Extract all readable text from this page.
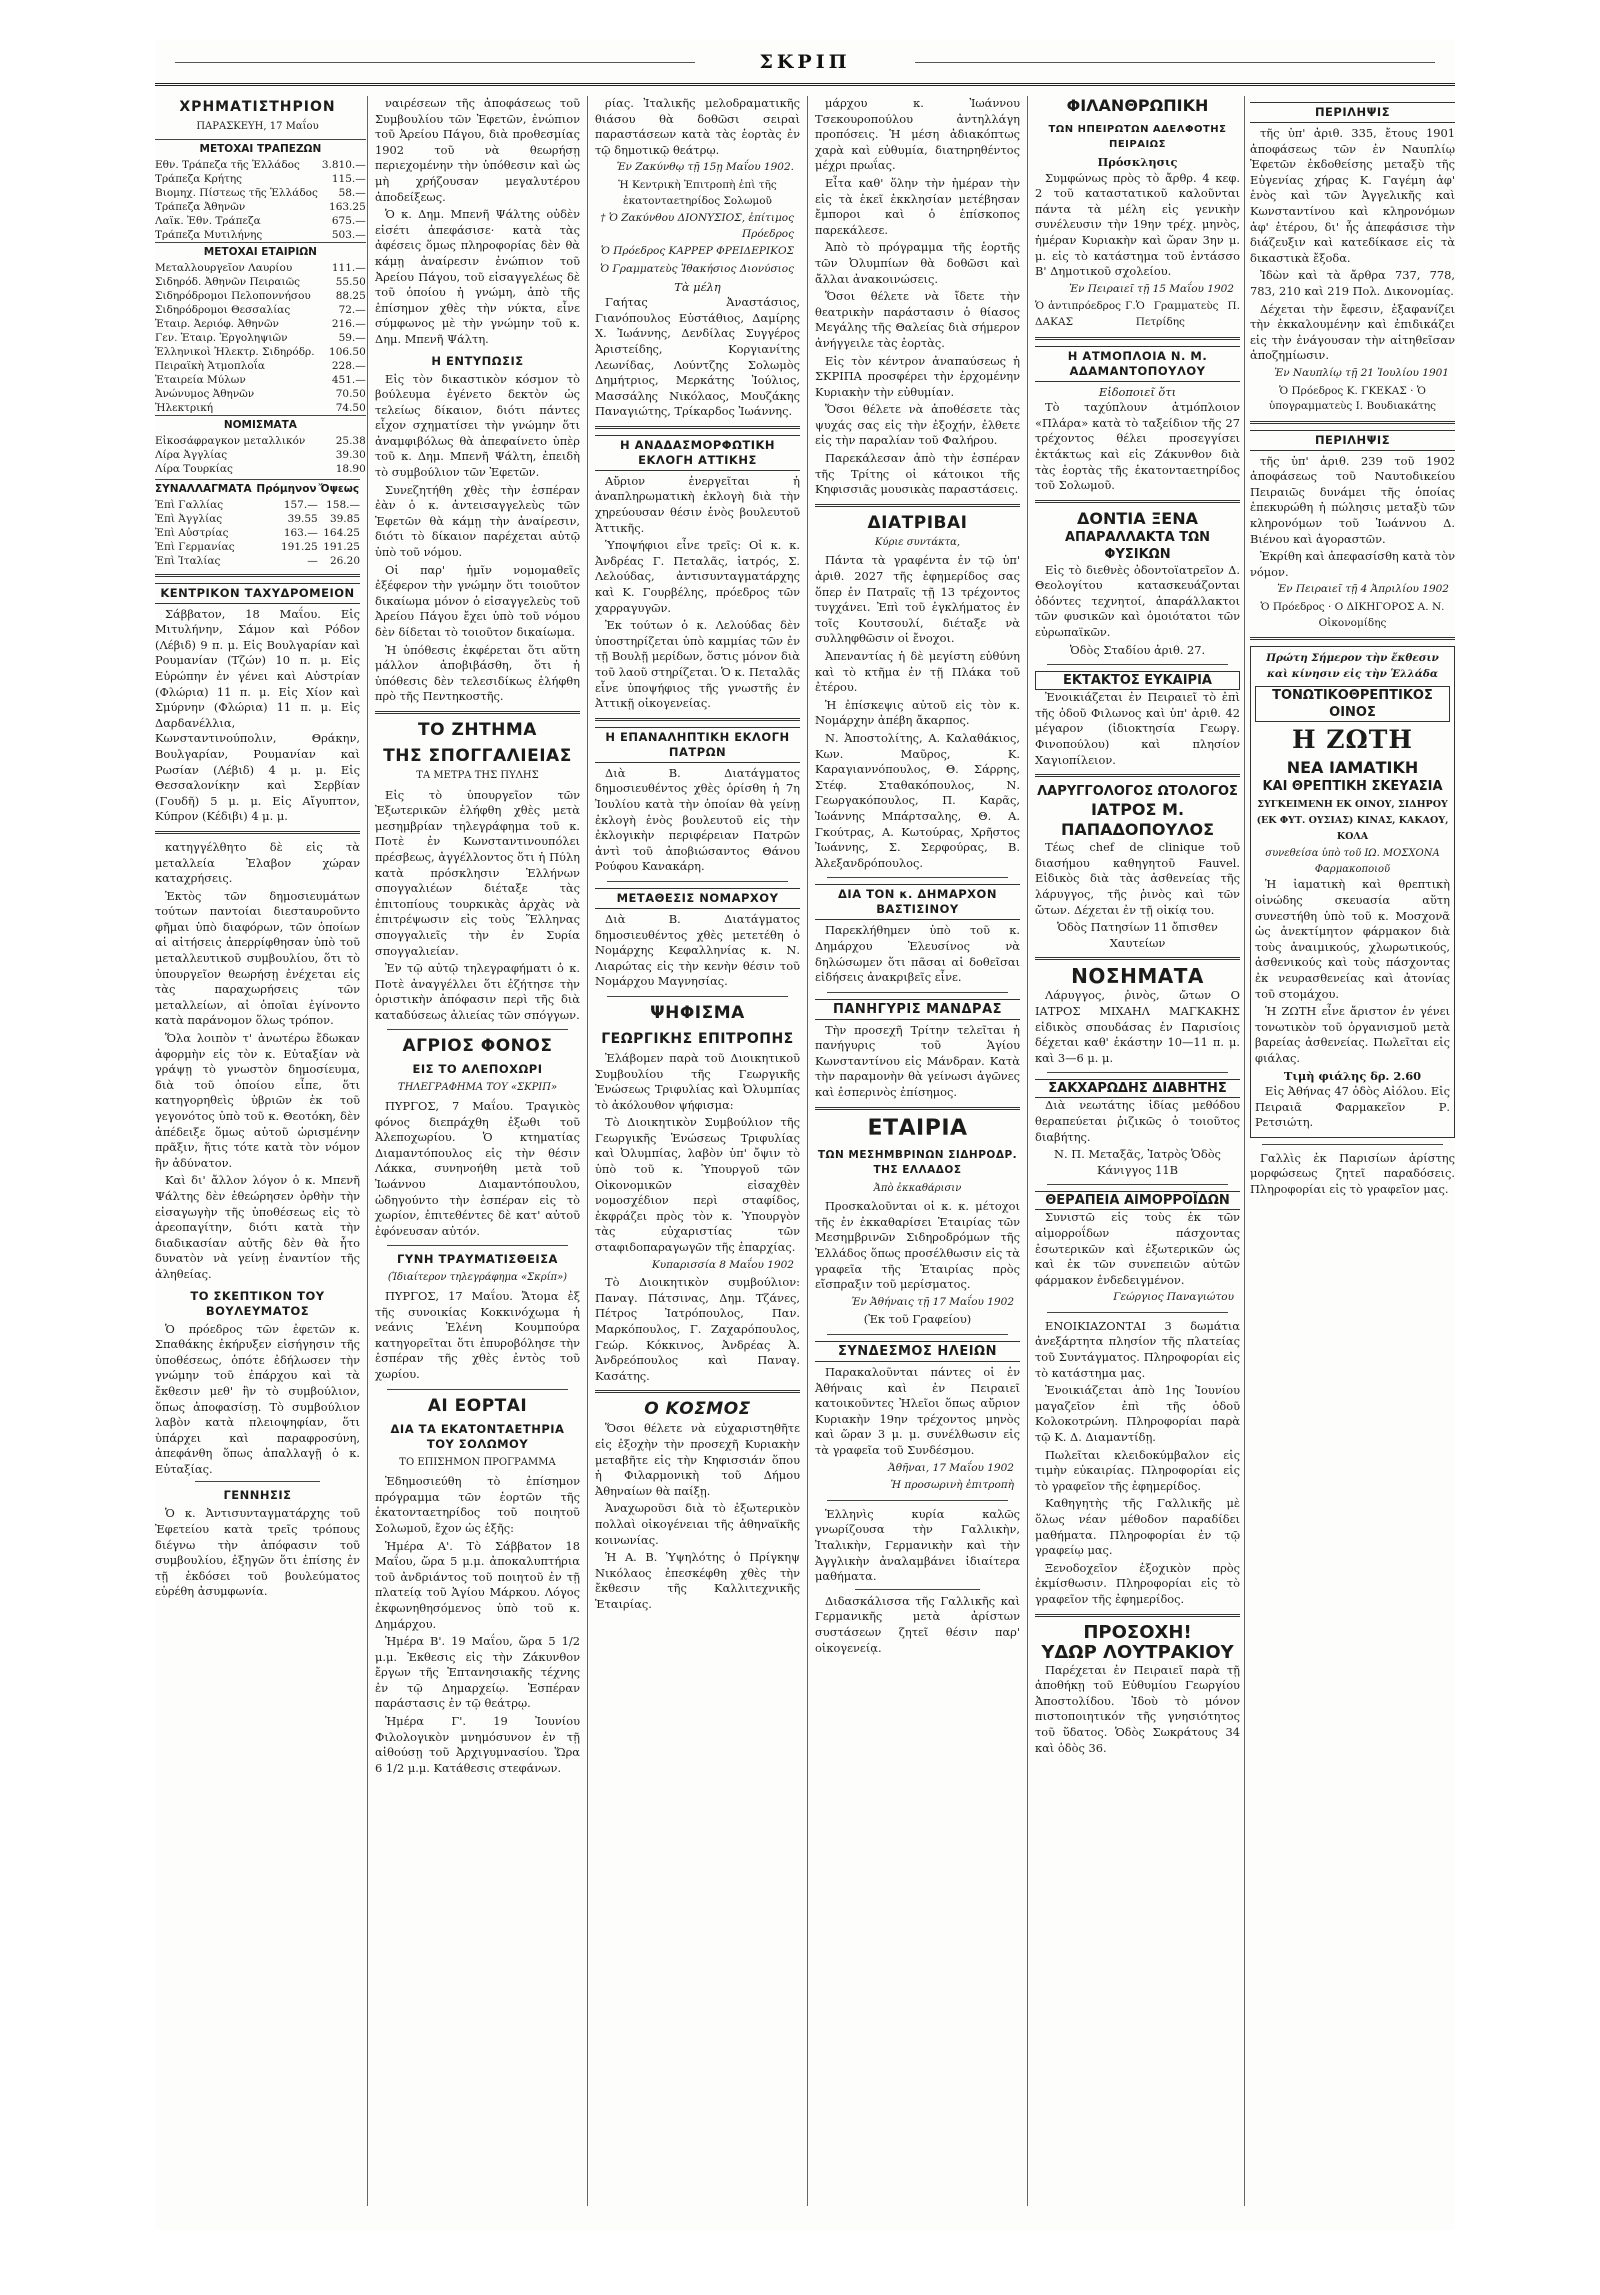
ΣΚΡΙΠ
ΧΡΗΜΑΤΙΣΤΗΡΙΟΝ
ΠΑΡΑΣΚΕΥΗ, 17 Μαΐου
ΜΕΤΟΧΑΙ ΤΡΑΠΕΖΩΝ	
Εθν. Τράπεζα τῆς Ἑλλάδος	3.810.—
Τράπεζα Κρήτης	115.—
Βιομηχ. Πίστεως τῆς Ἑλλάδος	58.—
Τράπεζα Ἀθηνῶν	163.25
Λαϊκ. Ἐθν. Τράπεζα	675.—
Τράπεζα Μυτιλήνης	503.—
ΜΕΤΟΧΑΙ ΕΤΑΙΡΙΩΝ	
Μεταλλουργεῖον Λαυρίου	111.—
Σιδηρόδ. Ἀθηνῶν Πειραιῶς	55.50
Σιδηρόδρομοι Πελοποννήσου	88.25
Σιδηρόδρομοι Θεσσαλίας	72.—
Ἑταιρ. Ἀεριόφ. Ἀθηνῶν	216.—
Γεν. Ἑταιρ. Ἐργοληψιῶν	59.—
Ἑλληνικοὶ Ἠλεκτρ. Σιδηρόδρ.	106.50
Πειραϊκὴ Ἀτμοπλοΐα	228.—
Ἑταιρεία Μύλων	451.—
Ἀνώνυμος Ἀθηνῶν	70.50
Ἠλεκτρική	74.50
ΝΟΜΙΣΜΑΤΑ	
Εἰκοσάφραγκον μεταλλικόν	25.38
Λίρα Ἀγγλίας	39.30
Λίρα Τουρκίας	18.90
ΣΥΝΑΛΛΑΓΜΑΤΑ	Πρόμηνον	Ὄψεως
Ἐπὶ Γαλλίας	157.—	158.—
Ἐπὶ Ἀγγλίας	39.55	39.85
Ἐπὶ Αὐστρίας	163.—	164.25
Ἐπὶ Γερμανίας	191.25	191.25
Ἐπὶ Ἰταλίας	—	26.20
ΚΕΝΤΡΙΚΟΝ ΤΑΧΥΔΡΟΜΕΙΟΝ

Σάββατον, 18 Μαΐου. Εἰς Μιτυλήνην, Σάμον καὶ Ρόδον (Λέβιδ) 9 π. μ. Εἰς Βουλγαρίαν καὶ Ρουμανίαν (Τζών) 10 π. μ. Εἰς Εὐρώπην ἐν γένει καὶ Αὐστρίαν (Φλώρια) 11 π. μ. Εἰς Χίον καὶ Σμύρνην (Φλώρια) 11 π. μ. Εἰς Δαρδανέλλια, Κωνσταντινούπολιν, Θράκην, Βουλγαρίαν, Ρουμανίαν καὶ Ρωσίαν (Λέβιδ) 4 μ. μ. Εἰς Θεσσαλονίκην καὶ Σερβίαν (Γουδῆ) 5 μ. μ. Εἰς Αἴγυπτον, Κύπρον (Κέδιβι) 4 μ. μ.

κατηγγέλθητο δὲ εἰς τὰ μεταλλεία Ἐλαβον χώραν καταχρήσεις.

Ἐκτὸς τῶν δημοσιευμάτων τούτων παντοίαι διεσταυροῦντο φῆμαι ὑπὸ διαφόρων, τῶν ὁποίων αἱ αἰτήσεις ἀπερρίφθησαν ὑπὸ τοῦ μεταλλευτικοῦ συμβουλίου, ὅτι τὸ ὑπουργεῖον θεωρήσῃ ἐνέχεται εἰς τὰς παραχωρήσεις τῶν μεταλλείων, αἱ ὁποῖαι ἐγίνοντο κατὰ παράνομον ὅλως τρόπον.

Ὅλα λοιπὸν τ' ἀνωτέρω ἔδωκαν ἀφορμὴν εἰς τὸν κ. Εὐταξίαν νὰ γράψῃ τὸ γνωστὸν δημοσίευμα, διὰ τοῦ ὁποίου εἶπε, ὅτι κατηγορηθεὶς ὑβριῶν ἐκ τοῦ γεγονότος ὑπὸ τοῦ κ. Θεοτόκη, δὲν ἀπέδειξε ὅμως αὐτοῦ ὡρισμένην πρᾶξιν, ἥτις τότε κατὰ τὸν νόμον ἢν ἀδύνατον.

Καὶ δι' ἄλλον λόγον ὁ κ. Μπενῆ Ψάλτης δὲν ἐθεώρησεν ὀρθὴν τὴν εἰσαγωγὴν τῆς ὑποθέσεως εἰς τὸ ἀρεοπαγίτην, διότι κατὰ τὴν διαδικασίαν αὐτῆς δὲν θὰ ἦτο δυνατὸν νὰ γείνῃ ἐναντίον τῆς ἀληθείας.

ΤΟ ΣΚΕΠΤΙΚΟΝ ΤΟΥ ΒΟΥΛΕΥΜΑΤΟΣ

Ὁ πρόεδρος τῶν ἐφετῶν κ. Σπαθάκης ἐκήρυξεν εἰσήγησιν τῆς ὑποθέσεως, ὁπότε ἐδήλωσεν τὴν γνώμην τοῦ ἐπάρχου καὶ τὰ ἔκθεσιν μεθ' ἣν τὸ συμβούλιον, ὅπως ἀποφασίσῃ. Τὸ συμβούλιον λαβὸν κατὰ πλειοψηφίαν, ὅτι ὑπάρχει καὶ παραφροσύνη, ἀπεφάνθη ὅπως ἀπαλλαγῇ ὁ κ. Εὐταξίας.

ΓΕΝΝΗΣΙΣ

Ὁ κ. Ἀντισυνταγματάρχης τοῦ Ἐφετείου κατὰ τρεῖς τρόπους διέγνω τὴν ἀπόφασιν τοῦ συμβουλίου, ἐξηγῶν ὅτι ἐπίσης ἐν τῇ ἐκδόσει τοῦ βουλεύματος εὑρέθη ἀσυμφωνία.

ναιρέσεων τῆς ἀποφάσεως τοῦ Συμβουλίου τῶν Ἐφετῶν, ἐνώπιον τοῦ Ἀρείου Πάγου, διὰ προθεσμίας 1902 τοῦ νὰ θεωρήσῃ περιεχομένην τὴν ὑπόθεσιν καὶ ὡς μὴ χρήζουσαν μεγαλυτέρου ἀποδείξεως.

Ὁ κ. Δημ. Μπενῆ Ψάλτης οὐδὲν εἰσέτι ἀπεφάσισε· κατὰ τὰς ἀφέσεις ὅμως πληροφορίας δὲν θὰ κάμῃ ἀναίρεσιν ἐνώπιον τοῦ Ἀρείου Πάγου, τοῦ εἰσαγγελέως δὲ τοῦ ὁποίου ἡ γνώμη, ἀπὸ τῆς ἐπίσημον χθὲς τὴν νύκτα, εἶνε σύμφωνος μὲ τὴν γνώμην τοῦ κ. Δημ. Μπενῆ Ψάλτη.

Η ΕΝΤΥΠΩΣΙΣ

Εἰς τὸν δικαστικὸν κόσμον τὸ βούλευμα ἐγένετο δεκτὸν ὡς τελείως δίκαιον, διότι πάντες εἶχον σχηματίσει τὴν γνώμην ὅτι ἀναμφιβόλως θὰ ἀπεφαίνετο ὑπὲρ τοῦ κ. Δημ. Μπενῆ Ψάλτη, ἐπειδὴ τὸ συμβούλιον τῶν Ἐφετῶν.

Συνεζητήθη χθὲς τὴν ἑσπέραν ἐὰν ὁ κ. ἀντεισαγγελεὺς τῶν Ἐφετῶν θὰ κάμῃ τὴν ἀναίρεσιν, διότι τὸ δίκαιον παρέχεται αὐτῷ ὑπὸ τοῦ νόμου.

Οἱ παρ' ἡμῖν νομομαθεῖς ἐξέφερον τὴν γνώμην ὅτι τοιοῦτον δικαίωμα μόνον ὁ εἰσαγγελεὺς τοῦ Ἀρείου Πάγου ἔχει ὑπὸ τοῦ νόμου δὲν δίδεται τὸ τοιοῦτον δικαίωμα.

Ἡ ὑπόθεσις ἐκφέρεται ὅτι αὕτη μάλλον ἀποβιβάσθη, ὅτι ἡ ὑπόθεσις δὲν τελεσιδίκως ἐλήφθη πρὸ τῆς Πεντηκοστῆς.

ΤΟ ΖΗΤΗΜΑ
ΤΗΣ ΣΠΟΓΓΑΛΙΕΙΑΣ
ΤΑ ΜΕΤΡΑ ΤΗΣ ΠΥΛΗΣ

Εἰς τὸ ὑπουργεῖον τῶν Ἐξωτερικῶν ἐλήφθη χθὲς μετὰ μεσημβρίαν τηλεγράφημα τοῦ κ. Ποτὲ ἐν Κωνσταντινουπόλει πρέσβεως, ἀγγέλλοντος ὅτι ἡ Πύλη κατὰ πρόσκλησιν Ἑλλήνων σπογγαλιέων διέταξε τὰς ἐπιτοπίους τουρκικὰς ἀρχὰς νὰ ἐπιτρέψωσιν εἰς τοὺς Ἕλληνας σπογγαλιεῖς τὴν ἐν Συρία σπογγαλιείαν.

Ἐν τῷ αὐτῷ τηλεγραφήματι ὁ κ. Ποτὲ ἀναγγέλλει ὅτι ἐζήτησε τὴν ὁριστικὴν ἀπόφασιν περὶ τῆς διὰ καταδύσεως ἀλιείας τῶν σπόγγων.

ΑΓΡΙΟΣ ΦΟΝΟΣ
ΕΙΣ ΤΟ ΑΛΕΠΟΧΩΡΙ
ΤΗΛΕΓΡΑΦΗΜΑ ΤΟΥ «ΣΚΡΙΠ»

ΠΥΡΓΟΣ, 7 Μαΐου. Τραγικὸς φόνος διεπράχθη ἐξωθι τοῦ Ἀλεποχωρίου. Ὁ κτηματίας Διαμαντόπουλος εἰς τὴν θέσιν Λάκκα, συνηνοήθη μετὰ τοῦ Ἰωάννου Διαμαντόπουλου, ὠδηγούντο τὴν ἑσπέραν εἰς τὸ χωρίον, ἐπιτεθέντες δὲ κατ' αὐτοῦ ἐφόνευσαν αὐτόν.

ΓΥΝΗ ΤΡΑΥΜΑΤΙΣΘΕΙΣΑ
(Ἰδιαίτερον τηλεγράφημα «Σκρίπ»)

ΠΥΡΓΟΣ, 17 Μαΐου. Ἄτομα ἐξ τῆς συνοικίας Κοκκινόχωμα ἡ νεάνις Ἑλένη Κουμπούρα κατηγορεῖται ὅτι ἐπυροβόλησε τὴν ἑσπέραν τῆς χθὲς ἐντὸς τοῦ χωρίου.

ΑΙ ΕΟΡΤΑΙ
ΔΙΑ ΤΑ ΕΚΑΤΟΝΤΑΕΤΗΡΙΑ ΤΟΥ ΣΟΛΩΜΟΥ
ΤΟ ΕΠΙΣΗΜΟΝ ΠΡΟΓΡΑΜΜΑ

Ἐδημοσιεύθη τὸ ἐπίσημον πρόγραμμα τῶν ἑορτῶν τῆς ἑκατονταετηρίδος τοῦ ποιητοῦ Σολωμοῦ, ἔχον ὡς ἑξῆς:

Ἡμέρα Α'. Τὸ Σάββατον 18 Μαΐου, ὥρα 5 μ.μ. ἀποκαλυπτήρια τοῦ ἀνδριάντος τοῦ ποιητοῦ ἐν τῇ πλατείᾳ τοῦ Ἁγίου Μάρκου. Λόγος ἐκφωνηθησόμενος ὑπὸ τοῦ κ. Δημάρχου.

Ἡμέρα Β'. 19 Μαΐου, ὥρα 5 1/2 μ.μ. Ἐκθεσις εἰς τὴν Ζάκυνθον ἔργων τῆς Ἑπτανησιακῆς τέχνης ἐν τῷ Δημαρχείῳ. Ἑσπέραν παράστασις ἐν τῷ θεάτρῳ.

Ἡμέρα Γ'. 19 Ἰουνίου Φιλολογικὸν μνημόσυνον ἐν τῇ αἰθούσῃ τοῦ Ἀρχιγυμνασίου. Ὥρα 6 1/2 μ.μ. Κατάθεσις στεφάνων.

ρίας. Ἰταλικῆς μελοδραματικῆς θιάσου θὰ δοθῶσι σειραὶ παραστάσεων κατὰ τὰς ἑορτὰς ἐν τῷ δημοτικῷ θεάτρῳ.

Ἐν Ζακύνθῳ τῇ 15ῃ Μαΐου 1902.
Ἡ Κεντρικὴ Ἐπιτροπὴ ἐπὶ τῆς ἑκατονταετηρίδος Σολωμοῦ
† Ὁ Ζακύνθου ΔΙΟΝΥΣΙΟΣ, ἐπίτιμος Πρόεδρος
Ὁ Πρόεδρος ΚΑΡΡΕΡ ΦΡΕΙΔΕΡΙΚΟΣ
Ὁ Γραμματεὺς Ἰθακήσιος Διονύσιος
Τὰ μέλη

Γαήτας Ἀναστάσιος, Γιανόπουλος Εὐστάθιος, Δαμίρης Χ. Ἰωάννης, Δενδίλας Συγγέρος Ἀριστείδης, Κοργιανίτης Λεωνίδας, Λούντζης Σολωμὸς Δημήτριος, Μερκάτης Ἰούλιος, Μασσάλης Νικόλαος, Μουζάκης Παναγιώτης, Τρίκαρδος Ἰωάννης.

Η ΑΝΑΔΑΣΜΟΡΦΩΤΙΚΗ ΕΚΛΟΓΗ ΑΤΤΙΚΗΣ

Αὔριον ἐνεργεῖται ἡ ἀναπληρωματικὴ ἐκλογὴ διὰ τὴν χηρεύουσαν θέσιν ἑνὸς βουλευτοῦ Ἀττικῆς.

Ὑποψήφιοι εἶνε τρεῖς: Οἱ κ. κ. Ἀνδρέας Γ. Πεταλᾶς, ἰατρός, Σ. Λελούδας, ἀντισυνταγματάρχης καὶ Κ. Γουρβέλης, πρόεδρος τῶν χαρραγυγῶν.

Ἐκ τούτων ὁ κ. Λελούδας δὲν ὑποστηρίζεται ὑπὸ καμμίας τῶν ἐν τῇ Βουλῇ μερίδων, ὅστις μόνον διὰ τοῦ λαοῦ στηρίζεται. Ὁ κ. Πεταλᾶς εἶνε ὑποψήφιος τῆς γνωστῆς ἐν Ἀττικῇ οἰκογενείας.

Η ΕΠΑΝΑΛΗΠΤΙΚΗ ΕΚΛΟΓΗ ΠΑΤΡΩΝ

Διὰ Β. Διατάγματος δημοσιευθέντος χθὲς ὁρίσθη ἡ 7η Ἰουλίου κατὰ τὴν ὁποίαν θὰ γείνῃ ἐκλογὴ ἑνὸς βουλευτοῦ εἰς τὴν ἐκλογικὴν περιφέρειαν Πατρῶν ἀντὶ τοῦ ἀποβιώσαντος Θάνου Ρούφου Κανακάρη.

ΜΕΤΑΘΕΣΙΣ ΝΟΜΑΡΧΟΥ

Διὰ Β. Διατάγματος δημοσιευθέντος χθὲς μετετέθη ὁ Νομάρχης Κεφαλληνίας κ. Ν. Λιαρώτας εἰς τὴν κενὴν θέσιν τοῦ Νομάρχου Μαγνησίας.

ΨΗΦΙΣΜΑ
ΓΕΩΡΓΙΚΗΣ ΕΠΙΤΡΟΠΗΣ

Ἐλάβομεν παρὰ τοῦ Διοικητικοῦ Συμβουλίου τῆς Γεωργικῆς Ἑνώσεως Τριφυλίας καὶ Ὀλυμπίας τὸ ἀκόλουθον ψήφισμα:

Τὸ Διοικητικὸν Συμβούλιον τῆς Γεωργικῆς Ἑνώσεως Τριφυλίας καὶ Ὀλυμπίας, λαβὸν ὑπ' ὄψιν τὸ ὑπὸ τοῦ κ. Ὑπουργοῦ τῶν Οἰκονομικῶν εἰσαχθὲν νομοσχέδιον περὶ σταφίδος, ἐκφράζει πρὸς τὸν κ. Ὑπουργὸν τὰς εὐχαριστίας τῶν σταφιδοπαραγωγῶν τῆς ἐπαρχίας.

Κυπαρισσία 8 Μαΐου 1902

Τὸ Διοικητικὸν συμβούλιον: Παναγ. Πάτσινας, Δημ. Τζάνες, Πέτρος Ἰατρόπουλος, Παν. Μαρκόπουλος, Γ. Ζαχαρόπουλος, Γεώρ. Κόκκινος, Ἀνδρέας Ἀ. Ἀνδρεόπουλος καὶ Παναγ. Κασάτης.

Ο ΚΟΣΜΟΣ

Ὅσοι θέλετε νὰ εὐχαριστηθῆτε εἰς ἐξοχὴν τὴν προσεχῆ Κυριακὴν μεταβῆτε εἰς τὴν Κηφισσιάν ὅπου ἡ Φιλαρμονικὴ τοῦ Δήμου Ἀθηναίων θὰ παίξῃ.

Ἀναχωροῦσι διὰ τὸ ἐξωτερικὸν πολλαὶ οἰκογένειαι τῆς ἀθηναϊκῆς κοινωνίας.

Ἡ Α. Β. Ὑψηλότης ὁ Πρίγκηψ Νικόλαος ἐπεσκέφθη χθὲς τὴν ἔκθεσιν τῆς Καλλιτεχνικῆς Ἑταιρίας.

μάρχου κ. Ἰωάννου Τσεκουροπούλου ἀντηλλάγη προπόσεις. Ἡ μέση ἀδιακόπτως χαρὰ καὶ εὐθυμία, διατηρηθέντος μέχρι πρωΐας.

Εἶτα καθ' ὅλην τὴν ἡμέραν τὴν εἰς τὰ ἐκεῖ ἐκκλησίαν μετέβησαν ἔμποροι καὶ ὁ ἐπίσκοπος παρεκάλεσε.

Ἀπὸ τὸ πρόγραμμα τῆς ἑορτῆς τῶν Ὀλυμπίων θὰ δοθῶσι καὶ ἄλλαι ἀνακοινώσεις.

Ὅσοι θέλετε νὰ ἴδετε τὴν θεατρικὴν παράστασιν ὁ θίασος Μεγάλης τῆς Θαλείας διὰ σήμερον ἀνήγγειλε τὰς ἑορτὰς.

Εἰς τὸν κέντρον ἀναπαύσεως ἡ ΣΚΡΙΠΑ προσφέρει τὴν ἐρχομένην Κυριακὴν τὴν εὐθυμίαν.

Ὅσοι θέλετε νὰ ἀποθέσετε τὰς ψυχάς σας εἰς τὴν ἐξοχήν, ἐλθετε εἰς τὴν παραλίαν τοῦ Φαλήρου.

Παρεκάλεσαν ἀπὸ τὴν ἑσπέραν τῆς Τρίτης οἱ κάτοικοι τῆς Κηφισσιᾶς μουσικὰς παραστάσεις.

ΔΙΑΤΡΙΒΑΙ
Κύριε συντάκτα,

Πάντα τὰ γραφέντα ἐν τῷ ὑπ' ἀριθ. 2027 τῆς ἐφημερίδος σας ὅπερ ἐν Πατραῖς τῇ 13 τρέχοντος τυγχάνει. Ἐπὶ τοῦ ἐγκλήματος ἐν τοῖς Κουτσουλί, διέταξε νὰ συλληφθῶσιν οἱ ἔνοχοι.

Ἀπεναντίας ἡ δὲ μεγίστη εὐθύνη καὶ τὸ κτῆμα ἐν τῇ Πλάκα τοῦ ἐτέρου.

Ἡ ἐπίσκεψις αὐτοῦ εἰς τὸν κ. Νομάρχην ἀπέβη ἄκαρπος.

Ν. Ἀποστολίτης, Α. Καλαθάκιος, Κων. Μαῦρος, Κ. Καραγιαννόπουλος, Θ. Σάρρης, Στέφ. Σταθακόπουλος, Ν. Γεωργακόπουλος, Π. Καρᾶς, Ἰωάννης Μπάρτσαλης, Θ. Α. Γκούτρας, Α. Κωτούρας, Χρῆστος Ἰωάννης, Σ. Σερφούρας, Β. Ἀλεξανδρόπουλος.

ΔΙΑ ΤΟΝ κ. ΔΗΜΑΡΧΟΝ ΒΑΣΤΙΣΙΝΟΥ

Παρεκλήθημεν ὑπὸ τοῦ κ. Δημάρχου Ἐλευσίνος νὰ δηλώσωμεν ὅτι πᾶσαι αἱ δοθεῖσαι εἰδήσεις ἀνακριβεῖς εἶνε.

ΠΑΝΗΓΥΡΙΣ ΜΑΝΔΡΑΣ

Τὴν προσεχῆ Τρίτην τελεῖται ἡ πανήγυρις τοῦ Ἁγίου Κωνσταντίνου εἰς Μάνδραν. Κατὰ τὴν παραμονὴν θὰ γείνωσι ἀγῶνες καὶ ἐσπερινὸς ἐπίσημος.

ΕΤΑΙΡΙΑ
ΤΩΝ ΜΕΣΗΜΒΡΙΝΩΝ ΣΙΔΗΡΟΔΡ. ΤΗΣ ΕΛΛΑΔΟΣ
Ἀπὸ ἐκκαθάρισιν

Προσκαλοῦνται οἱ κ. κ. μέτοχοι τῆς ἐν ἐκκαθαρίσει Ἑταιρίας τῶν Μεσημβρινῶν Σιδηροδρόμων τῆς Ἑλλάδος ὅπως προσέλθωσιν εἰς τὰ γραφεῖα τῆς Ἑταιρίας πρὸς εἴσπραξιν τοῦ μερίσματος.

Ἐν Ἀθήναις τῇ 17 Μαΐου 1902
(Ἐκ τοῦ Γραφείου)
ΣΥΝΔΕΣΜΟΣ ΗΛΕΙΩΝ

Παρακαλοῦνται πάντες οἱ ἐν Ἀθήναις καὶ ἐν Πειραιεῖ κατοικοῦντες Ἠλεῖοι ὅπως αὔριον Κυριακὴν 19ην τρέχοντος μηνὸς καὶ ὥραν 3 μ. μ. συνέλθωσιν εἰς τὰ γραφεῖα τοῦ Συνδέσμου.

Ἀθῆναι, 17 Μαΐου 1902
Ἡ προσωρινὴ ἐπιτροπὴ

Ἑλληνὶς κυρία καλῶς γνωρίζουσα τὴν Γαλλικὴν, Ἰταλικὴν, Γερμανικὴν καὶ τὴν Ἀγγλικὴν ἀναλαμβάνει ἰδιαίτερα μαθήματα.

Διδασκάλισσα τῆς Γαλλικῆς καὶ Γερμανικῆς μετὰ ἀρίστων συστάσεων ζητεῖ θέσιν παρ' οἰκογενείᾳ.

ΦΙΛΑΝΘΡΩΠΙΚΗ
ΤΩΝ ΗΠΕΙΡΩΤΩΝ ΑΔΕΛΦΟΤΗΣ ΠΕΙΡΑΙΩΣ
Πρόσκλησις

Συμφώνως πρὸς τὸ ἄρθρ. 4 κεφ. 2 τοῦ καταστατικοῦ καλοῦνται πάντα τὰ μέλη εἰς γενικὴν συνέλευσιν τὴν 19ην τρέχ. μηνὸς, ἡμέραν Κυριακὴν καὶ ὥραν 3ην μ. μ. εἰς τὸ κατάστημα τοῦ ἐντάσσο Β' Δημοτικοῦ σχολείου.

Ἐν Πειραιεῖ τῇ 15 Μαΐου 1902
Ὁ ἀντιπρόεδρος Γ. ΔΑΚΑΣ
Ὁ Γραμματεὺς Π. Πετρίδης
Η ΑΤΜΟΠΛΟΙΑ Ν. Μ. ΑΔΑΜΑΝΤΟΠΟΥΛΟΥ
Εἰδοποιεῖ ὅτι

Τὸ ταχύπλουν ἀτμόπλοιον «Πλάρα» κατὰ τὸ ταξείδιον τῆς 27 τρέχοντος θέλει προσεγγίσει ἐκτάκτως καὶ εἰς Ζάκυνθον διὰ τὰς ἑορτὰς τῆς ἑκατονταετηρίδος τοῦ Σολωμοῦ.

ΔΟΝΤΙΑ ΞΕΝΑ
ΑΠΑΡΑΛΛΑΚΤΑ ΤΩΝ ΦΥΣΙΚΩΝ

Εἰς τὸ διεθνὲς ὀδοντοϊατρεῖον Δ. Θεολογίτου κατασκευάζονται ὀδόντες τεχνητοί, ἀπαράλλακτοι τῶν φυσικῶν καὶ ὁμοιότατοι τῶν εὐρωπαϊκῶν.

Ὁδὸς Σταδίου ἀριθ. 27.
ΕΚΤΑΚΤΟΣ ΕΥΚΑΙΡΙΑ

Ἐνοικιάζεται ἐν Πειραιεῖ τὸ ἐπὶ τῆς ὁδοῦ Φιλωνος καὶ ὑπ' ἀριθ. 42 μέγαρον (ἰδιοκτησία Γεωργ. Φινοπούλου) καὶ πλησίον Χαγιοπίλειον.

ΛΑΡΥΓΓΟΛΟΓΟΣ ΩΤΟΛΟΓΟΣ
ΙΑΤΡΟΣ Μ. ΠΑΠΑΔΟΠΟΥΛΟΣ

Τέως chef de clinique τοῦ διασήμου καθηγητοῦ Fauvel. Εἰδικὸς διὰ τὰς ἀσθενείας τῆς λάρυγγος, τῆς ῥινὸς καὶ τῶν ὤτων. Δέχεται ἐν τῇ οἰκίᾳ του.

Ὁδὸς Πατησίων 11 ὄπισθεν Χαυτείων
ΝΟΣΗΜΑΤΑ

Λάρυγγος, ῥινὸς, ὤτων Ο ΙΑΤΡΟΣ ΜΙΧΑΗΛ ΜΑΓΚΑΚΗΣ εἰδικὸς σπουδάσας ἐν Παρισίοις δέχεται καθ' ἑκάστην 10—11 π. μ. καὶ 3—6 μ. μ.

ΣΑΚΧΑΡΩΔΗΣ ΔΙΑΒΗΤΗΣ

Διὰ νεωτάτης ἰδίας μεθόδου θεραπεύεται ῥιζικῶς ὁ τοιοῦτος διαβήτης.

Ν. Π. Μεταξᾶς, Ἰατρὸς Ὁδὸς Κάνιγγος 11Β
ΘΕΡΑΠΕΙΑ ΑΙΜΟΡΡΟΪΔΩΝ

Συνιστῶ εἰς τοὺς ἐκ τῶν αἱμορροΐδων πάσχοντας ἐσωτερικῶν καὶ ἐξωτερικῶν ὡς καὶ ἐκ τῶν συνεπειῶν αὐτῶν φάρμακον ἐνδεδειγμένον.

Γεώργιος Παναγιώτου

ΕΝΟΙΚΙΑΖΟΝΤΑΙ 3 δωμάτια ἀνεξάρτητα πλησίον τῆς πλατείας τοῦ Συντάγματος. Πληροφορίαι εἰς τὸ κατάστημα μας.

Ἐνοικιάζεται ἀπὸ 1ης Ἰουνίου μαγαζεῖον ἐπὶ τῆς ὁδοῦ Κολοκοτρώνη. Πληροφορίαι παρὰ τῷ Κ. Δ. Διαμαντίδῃ.

Πωλεῖται κλειδοκύμβαλον εἰς τιμὴν εὐκαιρίας. Πληροφορίαι εἰς τὸ γραφεῖον τῆς ἐφημερίδος.

Καθηγητὴς τῆς Γαλλικῆς μὲ ὅλως νέαν μέθοδον παραδίδει μαθήματα. Πληροφορίαι ἐν τῷ γραφείῳ μας.

Ξενοδοχεῖον ἐξοχικὸν πρὸς ἐκμίσθωσιν. Πληροφορίαι εἰς τὸ γραφεῖον τῆς ἐφημερίδος.

ΠΡΟΣΟΧΗ!
ΥΔΩΡ ΛΟΥΤΡΑΚΙΟΥ

Παρέχεται ἐν Πειραιεῖ παρὰ τῇ ἀποθήκῃ τοῦ Εὐθυμίου Γεωργίου Ἀποστολίδου. Ἰδοὺ τὸ μόνον πιστοποιητικόν τῆς γνησιότητος τοῦ ὕδατος. Ὁδὸς Σωκράτους 34 καὶ ὁδὸς 36.

ΠΕΡΙΛΗΨΙΣ

τῆς ὑπ' ἀριθ. 335, ἔτους 1901 ἀποφάσεως τῶν ἐν Ναυπλίῳ Ἐφετῶν ἐκδοθείσης μεταξὺ τῆς Εὐγενίας χήρας Κ. Γαγέμη ἀφ' ἑνὸς καὶ τῶν Ἀγγελικῆς καὶ Κωνσταντίνου καὶ κληρονόμων ἀφ' ἑτέρου, δι' ἧς ἀπεφάσισε τὴν διάζευξιν καὶ κατεδίκασε εἰς τὰ δικαστικὰ ἔξοδα.

Ἰδὼν καὶ τὰ ἄρθρα 737, 778, 783, 210 καὶ 219 Πολ. Δικονομίας.

Δέχεται τὴν ἔφεσιν, ἐξαφανίζει τὴν ἐκκαλουμένην καὶ ἐπιδικάζει εἰς τὴν ἐνάγουσαν τὴν αἰτηθεῖσαν ἀποζημίωσιν.

Ἐν Ναυπλίῳ τῇ 21 Ἰουλίου 1901
Ὁ Πρόεδρος Κ. ΓΚΕΚΑΣ · Ὁ ὑπογραμματεὺς Ι. Βουδιακάτης
ΠΕΡΙΛΗΨΙΣ

τῆς ὑπ' ἀριθ. 239 τοῦ 1902 ἀποφάσεως τοῦ Ναυτοδικείου Πειραιῶς δυνάμει τῆς ὁποίας ἐπεκυρώθη ἡ πώλησις μεταξὺ τῶν κληρονόμων τοῦ Ἰωάννου Δ. Βιένου καὶ ἀγοραστῶν.

Ἐκρίθη καὶ ἀπεφασίσθη κατὰ τὸν νόμον.

Ἐν Πειραιεῖ τῇ 4 Ἀπριλίου 1902
Ὁ Πρόεδρος · Ο ΔΙΚΗΓΟΡΟΣ Α. Ν. Οἰκονομίδης
Πρώτη Σήμερον τὴν ἔκθεσιν καὶ κίνησιν εἰς τὴν Ἑλλάδα
ΤΟΝΩΤΙΚΟΘΡΕΠΤΙΚΟΣ ΟΙΝΟΣ
Η ΖΩΤΗ
ΝΕΑ ΙΑΜΑΤΙΚΗ
ΚΑΙ ΘΡΕΠΤΙΚΗ ΣΚΕΥΑΣΙΑ
ΣΥΓΚΕΙΜΕΝΗ ΕΚ ΟΙΝΟΥ, ΣΙΔΗΡΟΥ (ΕΚ ΦΥΤ. ΟΥΣΙΑΣ) ΚΙΝΑΣ, ΚΑΚΑΟΥ, ΚΟΛΑ
συνεθείσα ὑπὸ τοῦ ΙΩ. ΜΟΣΧΟΝΑ Φαρμακοποιοῦ

Ἡ ἰαματικὴ καὶ θρεπτικὴ οἰνώδης σκευασία αὕτη συνεστήθη ὑπὸ τοῦ κ. Μοσχονᾶ ὡς ἀνεκτίμητον φάρμακον διὰ τοὺς ἀναιμικούς, χλωρωτικούς, ἀσθενικούς καὶ τοὺς πάσχοντας ἐκ νευρασθενείας καὶ ἀτονίας τοῦ στομάχου.

Ἡ ΖΩΤΗ εἶνε ἄριστον ἐν γένει τονωτικὸν τοῦ ὀργανισμοῦ μετὰ βαρείας ἀσθενείας. Πωλεῖται εἰς φιάλας.

Τιμὴ φιάλης δρ. 2.60

Εἰς Ἀθήνας 47 ὁδὸς Αἰόλου. Εἰς Πειραιᾶ Φαρμακεῖον Ρ. Ρετσιώτη.

Γαλλὶς ἐκ Παρισίων ἀρίστης μορφώσεως ζητεῖ παραδόσεις. Πληροφορίαι εἰς τὸ γραφεῖον μας.
